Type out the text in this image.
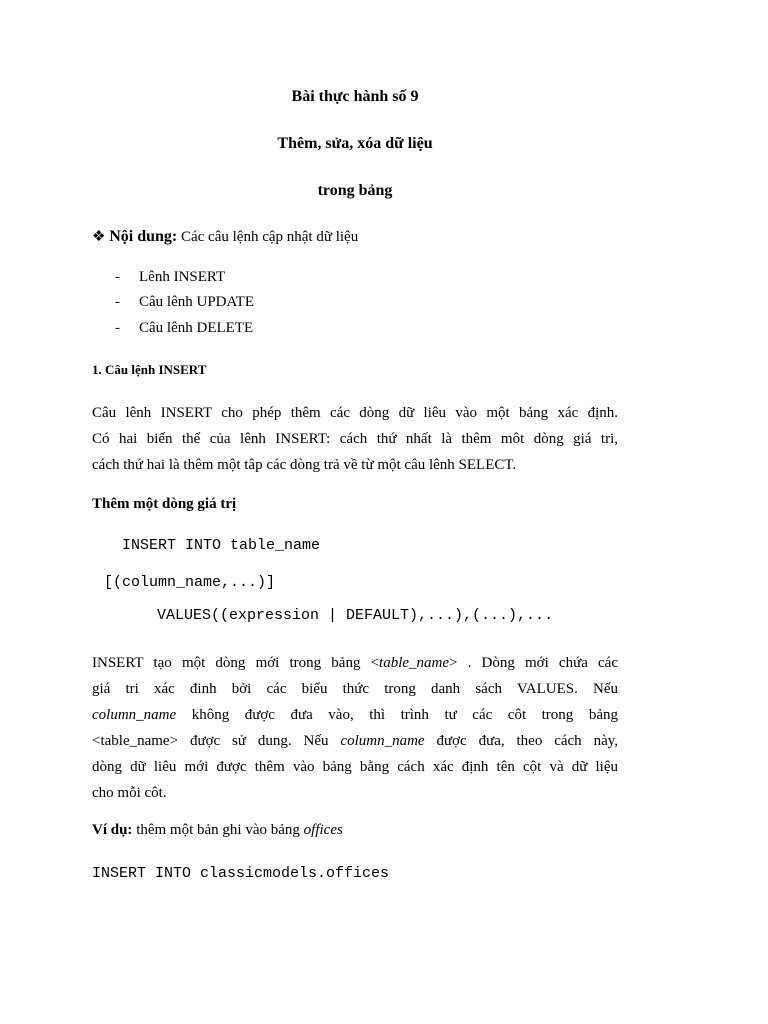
Bài thực hành số 9
Thêm, sửa, xóa dữ liệu
trong bảng
❖ Nội dung: Các câu lệnh cập nhật dữ liệu
- Lênh INSERT
- Câu lênh UPDATE
- Câu lênh DELETE
1. Câu lệnh INSERT
Câu lênh INSERT cho phép thêm các dòng dữ liêu vào một bảng xác định.
Có hai biến thể của lênh INSERT: cách thứ nhất là thêm môt dòng giá tri,
cách thứ hai là thêm một tâp các dòng trả về từ một câu lênh SELECT.
Thêm một dòng giá trị
INSERT INTO table_name
[(column_name,...)]
VALUES((expression | DEFAULT),...),(...),...
INSERT tạo một dòng mới trong bảng <table_name> . Dòng mới chứa các
giá tri xác đinh bởi các biểu thức trong danh sách VALUES. Nếu
column_name không được đưa vào, thì trình tư các côt trong bảng
<table_name> được sử dung. Nếu column_name được đưa, theo cách này,
dòng dữ liêu mới được thêm vào bảng bằng cách xác định tên cột và dữ liệu
cho mỗi côt.
Ví dụ: thêm một bản ghi vào bảng offices
INSERT INTO classicmodels.offices
